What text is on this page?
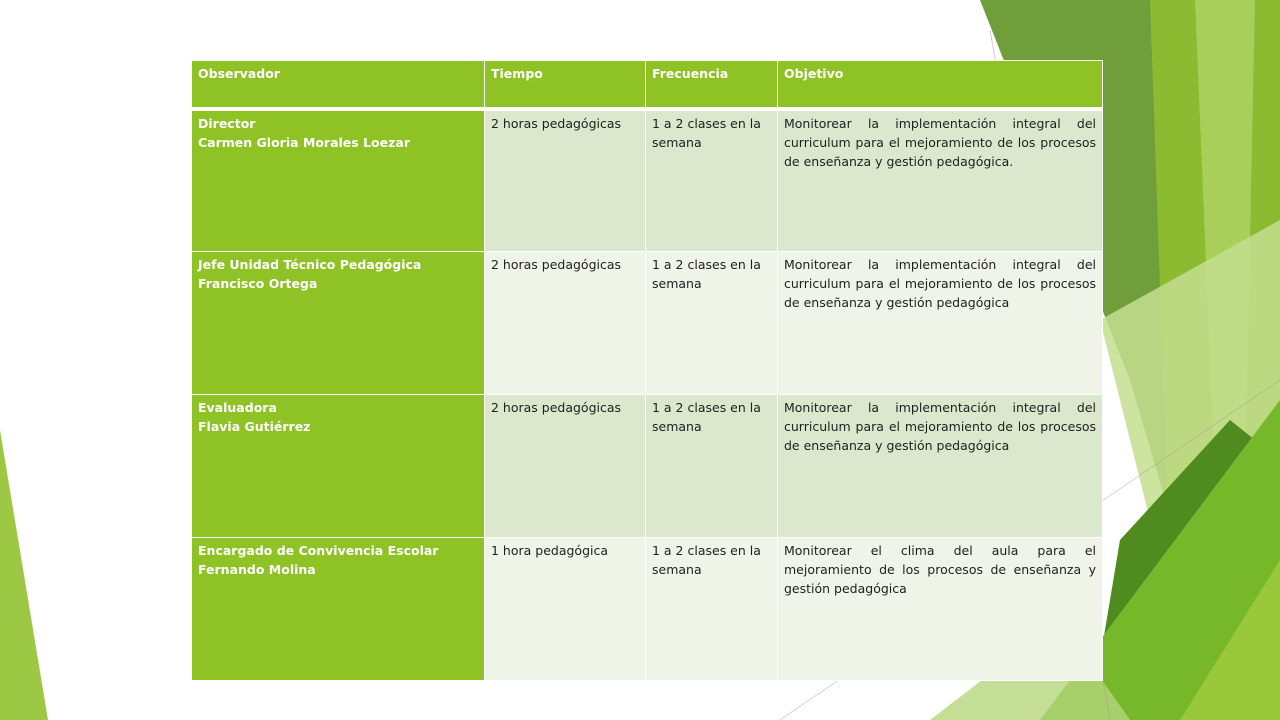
Observador	Tiempo	Frecuencia	Objetivo

Director
Carmen Gloria Morales Loezar	2 horas pedagógicas	1 a 2 clases en la semana	Monitorear la implementación integral del curriculum para el mejoramiento de los procesos de enseñanza y gestión pedagógica.

Jefe Unidad Técnico Pedagógica
Francisco Ortega	2 horas pedagógicas	1 a 2 clases en la semana	Monitorear la implementación integral del curriculum para el mejoramiento de los procesos de enseñanza y gestión pedagógica

Evaluadora
Flavia Gutiérrez	2 horas pedagógicas	1 a 2 clases en la semana	Monitorear la implementación integral del curriculum para el mejoramiento de los procesos de enseñanza y gestión pedagógica

Encargado de Convivencia Escolar
Fernando Molina	1 hora pedagógica	1 a 2 clases en la semana	Monitorear el clima del aula para el mejoramiento de los procesos de enseñanza y gestión pedagógica
